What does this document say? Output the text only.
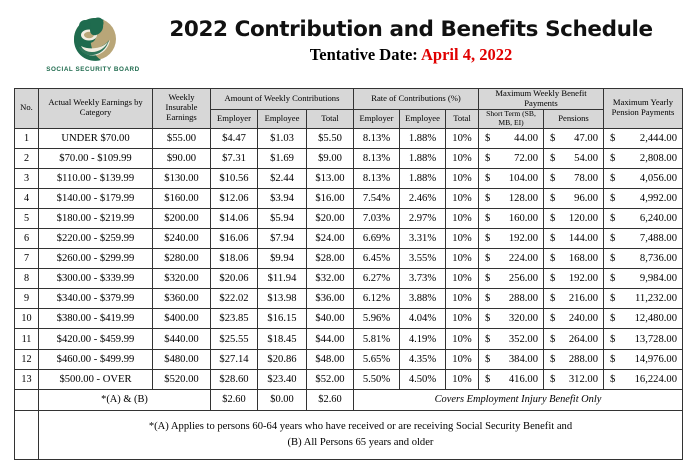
SOCIAL SECURITY BOARD
2022 Contribution and Benefits Schedule
Tentative Date: April 4, 2022
No.	Actual Weekly Earnings by Category	Weekly Insurable Earnings	Amount of Weekly Contributions			Rate of Contributions (%)			Maximum Weekly Benefit Payments		Maximum Yearly Pension Payments
			Employer	Employee	Total	Employer	Employee	Total	Short Term (SB, MB, EI)	Pensions	
1	UNDER $70.00	$55.00	$4.47	$1.03	$5.50	8.13%	1.88%	10%	$ 44.00	$ 47.00	$ 2,444.00

2	$70.00 - $109.99	$90.00	$7.31	$1.69	$9.00	8.13%	1.88%	10%	$ 72.00	$ 54.00	$ 2,808.00

3	$110.00 - $139.99	$130.00	$10.56	$2.44	$13.00	8.13%	1.88%	10%	$ 104.00	$ 78.00	$ 4,056.00

4	$140.00 - $179.99	$160.00	$12.06	$3.94	$16.00	7.54%	2.46%	10%	$ 128.00	$ 96.00	$ 4,992.00

5	$180.00 - $219.99	$200.00	$14.06	$5.94	$20.00	7.03%	2.97%	10%	$ 160.00	$ 120.00	$ 6,240.00

6	$220.00 - $259.99	$240.00	$16.06	$7.94	$24.00	6.69%	3.31%	10%	$ 192.00	$ 144.00	$ 7,488.00

7	$260.00 - $299.99	$280.00	$18.06	$9.94	$28.00	6.45%	3.55%	10%	$ 224.00	$ 168.00	$ 8,736.00

8	$300.00 - $339.99	$320.00	$20.06	$11.94	$32.00	6.27%	3.73%	10%	$ 256.00	$ 192.00	$ 9,984.00

9	$340.00 - $379.99	$360.00	$22.02	$13.98	$36.00	6.12%	3.88%	10%	$ 288.00	$ 216.00	$ 11,232.00

10	$380.00 - $419.99	$400.00	$23.85	$16.15	$40.00	5.96%	4.04%	10%	$ 320.00	$ 240.00	$ 12,480.00

11	$420.00 - $459.99	$440.00	$25.55	$18.45	$44.00	5.81%	4.19%	10%	$ 352.00	$ 264.00	$ 13,728.00

12	$460.00 - $499.99	$480.00	$27.14	$20.86	$48.00	5.65%	4.35%	10%	$ 384.00	$ 288.00	$ 14,976.00

13	$500.00 - OVER	$520.00	$28.60	$23.40	$52.00	5.50%	4.50%	10%	$ 416.00	$ 312.00	$ 16,224.00

	*(A) & (B)		$2.60	$0.00	$2.60	Covers Employment Injury Benefit Only					

	*(A) Applies to persons 60-64 years who have received or are receiving Social Security Benefit and
(B) All Persons 65 years and older										
